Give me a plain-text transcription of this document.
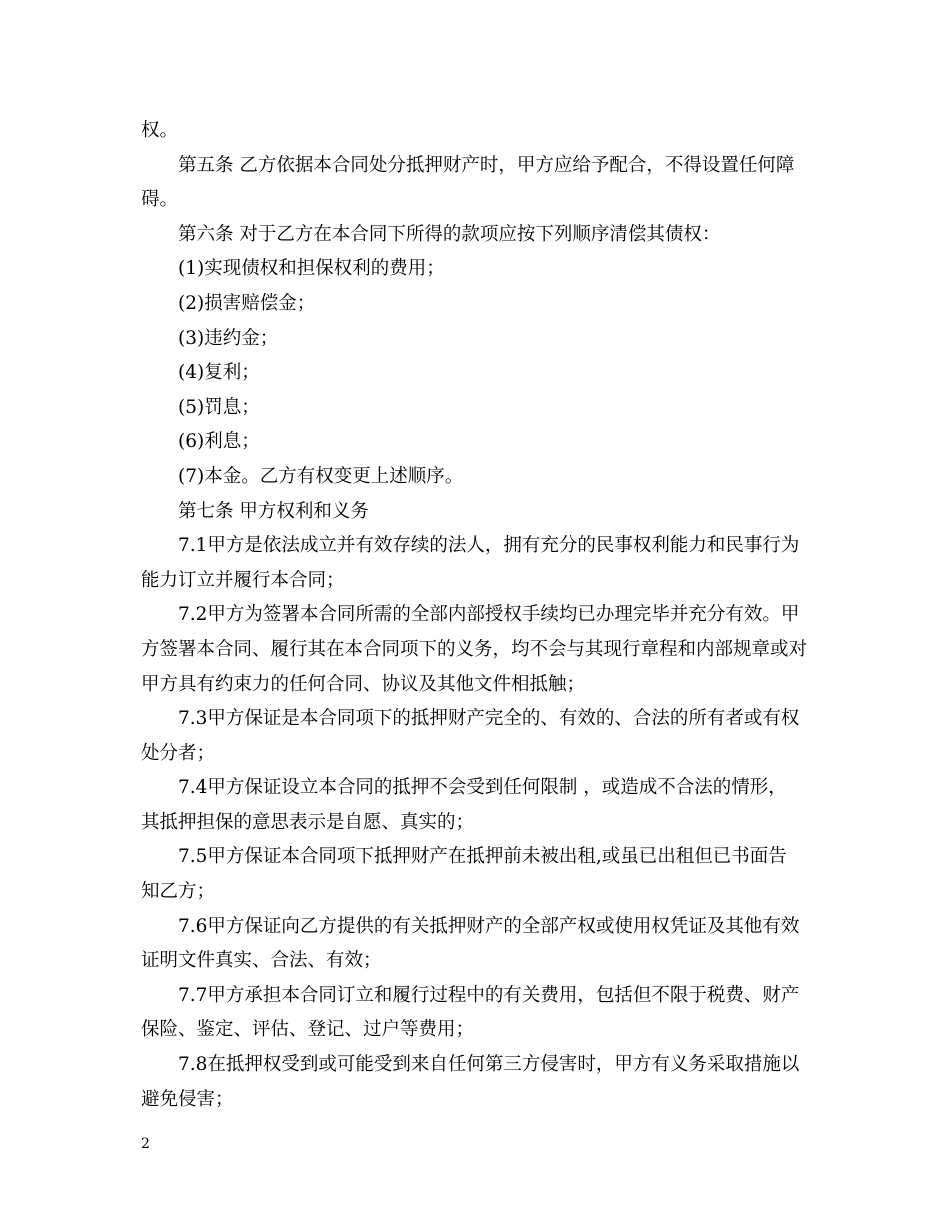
权。
第五条 乙方依据本合同处分抵押财产时，甲方应给予配合，不得设置任何障
碍。
第六条 对于乙方在本合同下所得的款项应按下列顺序清偿其债权：
(1)实现债权和担保权利的费用；
(2)损害赔偿金；
(3)违约金；
(4)复利；
(5)罚息；
(6)利息；
(7)本金。乙方有权变更上述顺序。
第七条 甲方权利和义务
7.1甲方是依法成立并有效存续的法人，拥有充分的民事权利能力和民事行为
能力订立并履行本合同；
7.2甲方为签署本合同所需的全部内部授权手续均已办理完毕并充分有效。甲
方签署本合同、履行其在本合同项下的义务，均不会与其现行章程和内部规章或对
甲方具有约束力的任何合同、协议及其他文件相抵触；
7.3甲方保证是本合同项下的抵押财产完全的、有效的、合法的所有者或有权
处分者；
7.4甲方保证设立本合同的抵押不会受到任何限制 ，或造成不合法的情形，
其抵押担保的意思表示是自愿、真实的；
7.5甲方保证本合同项下抵押财产在抵押前未被出租,或虽已出租但已书面告
知乙方；
7.6甲方保证向乙方提供的有关抵押财产的全部产权或使用权凭证及其他有效
证明文件真实、合法、有效；
7.7甲方承担本合同订立和履行过程中的有关费用，包括但不限于税费、财产
保险、鉴定、评估、登记、过户等费用；
7.8在抵押权受到或可能受到来自任何第三方侵害时，甲方有义务采取措施以
避免侵害；
2
